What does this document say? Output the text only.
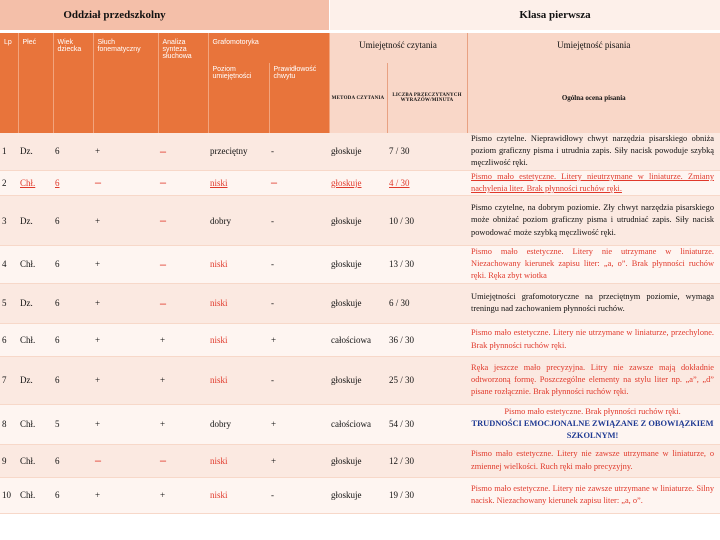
Oddział przedszkolny	Klasa pierwsza
Lp	Płeć	Wiek dziecka	Słuch fonematyczny	Analiza synteza słuchowa	Grafomotoryka		Umiejętność czytania		Umiejętność pisania
					Poziom umiejętności	Prawidłowość chwytu	METODA CZYTANIA	LICZBA PRZECZYTANYCH WYRAZÓW/MINUTA	Ogólna ocena pisania
1	Dz.	6	+	–	przeciętny	-	głoskuje	7 / 30	Pismo czytelne. Nieprawidłowy chwyt narzędzia pisarskiego obniża poziom graficzny pisma i utrudnia zapis. Siły nacisk powoduje szybką męczliwość ręki.
2	Chł.	6	–	–	niski	–	głoskuje	4 / 30	Pismo mało estetyczne. Litery nieutrzymane w liniaturze. Zmiany nachylenia liter. Brak płynności ruchów ręki.
3	Dz.	6	+	–	dobry	-	głoskuje	10 / 30	Pismo czytelne, na dobrym poziomie. Zły chwyt narzędzia pisarskiego może obniżać poziom graficzny pisma i utrudniać zapis. Siły nacisk powodować może szybką męczliwość ręki.
4	Chł.	6	+	–	niski	-	głoskuje	13 / 30	Pismo mało estetyczne. Litery nie utrzymane w liniaturze. Niezachowany kierunek zapisu liter: „a, o”. Brak płynności ruchów ręki. Ręka zbyt wiotka
5	Dz.	6	+	–	niski	-	głoskuje	6 / 30	Umiejętności grafomotoryczne na przeciętnym poziomie, wymaga treningu nad zachowaniem płynności ruchów.
6	Chł.	6	+	+	niski	+	całościowa	36 / 30	Pismo mało estetyczne. Litery nie utrzymane w liniaturze, przechylone. Brak płynności ruchów ręki.
7	Dz.	6	+	+	niski	-	głoskuje	25 / 30	Ręka jeszcze mało precyzyjna. Litry nie zawsze mają dokładnie odtworzoną formę. Poszczególne elementy na stylu liter np. „a”, „d” pisane rozłącznie. Brak płynności ruchów ręki.
8	Chł.	5	+	+	dobry	+	całościowa	54 / 30	Pismo mało estetyczne. Brak płynności ruchów ręki.
TRUDNOŚCI EMOCJONALNE ZWIĄZANE Z OBOWIĄZKIEM SZKOLNYM!
9	Chł.	6	–	–	niski	+	głoskuje	12 / 30	Pismo mało estetyczne. Litery nie zawsze utrzymane w liniaturze, o zmiennej wielkości. Ruch ręki mało precyzyjny.
10	Chł.	6	+	+	niski	-	głoskuje	19 / 30	Pismo mało estetyczne. Litery nie zawsze utrzymane w liniaturze. Silny nacisk. Niezachowany kierunek zapisu liter: „a, o”.
